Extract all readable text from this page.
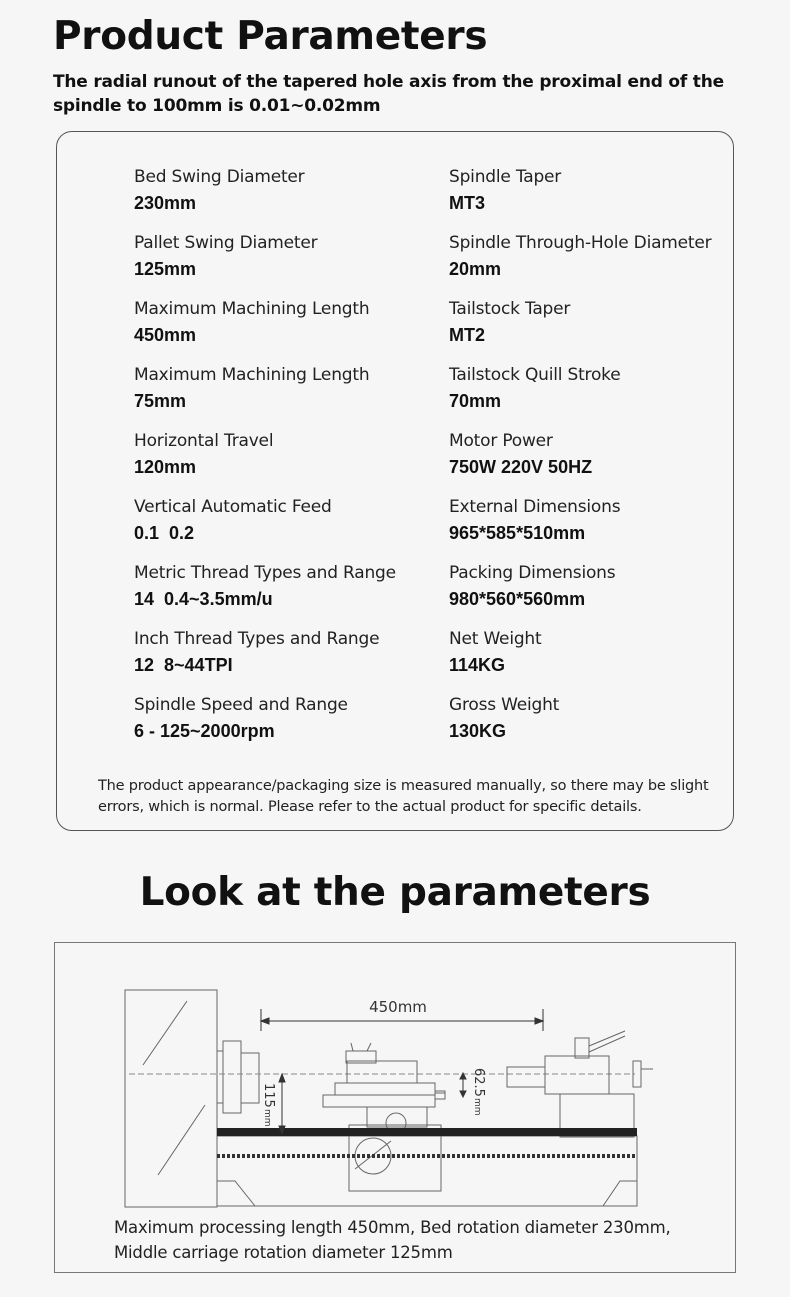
Product Parameters

The radial runout of the tapered hole axis from the proximal end of the spindle to 100mm is 0.01~0.02mm

Bed Swing Diameter
230mm
Pallet Swing Diameter
125mm
Maximum Machining Length
450mm
Maximum Machining Length
75mm
Horizontal Travel
120mm
Vertical Automatic Feed
0.1  0.2
Metric Thread Types and Range
14  0.4~3.5mm/u
Inch Thread Types and Range
12  8~44TPI
Spindle Speed and Range
6 - 125~2000rpm
Spindle Taper
MT3
Spindle Through-Hole Diameter
20mm
Tailstock Taper
MT2
Tailstock Quill Stroke
70mm
Motor Power
750W 220V 50HZ
External Dimensions
965*585*510mm
Packing Dimensions
980*560*560mm
Net Weight
114KG
Gross Weight
130KG
The product appearance/packaging size is measured manually, so there may be slight errors, which is normal. Please refer to the actual product for specific details.
Look at the parameters
450mm
115
mm
62.5
mm
Maximum processing length 450mm, Bed rotation diameter 230mm, Middle carriage rotation diameter 125mm
